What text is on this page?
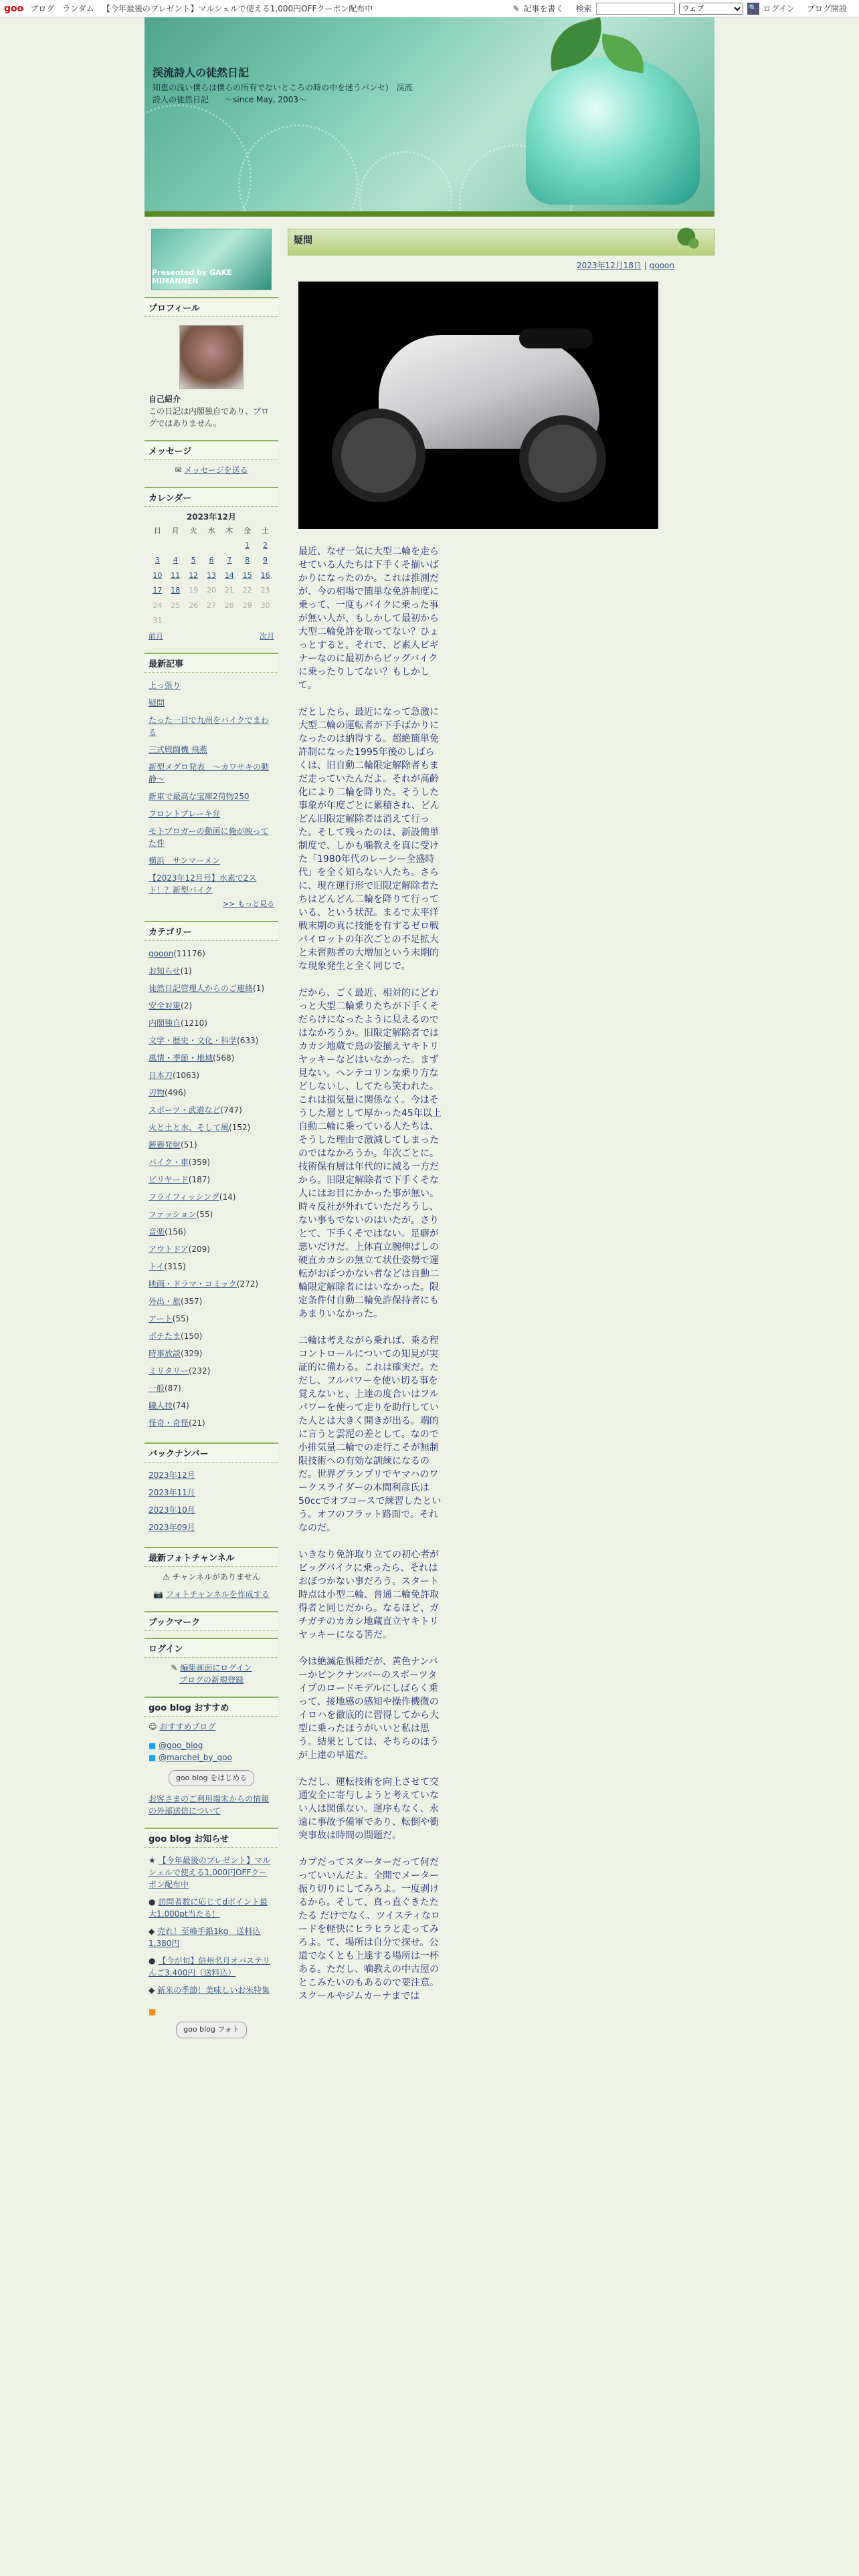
goo ブログ ランダム 【今年最後のプレゼント】マルシェルで使える1,000円OFFクーポン配布中	✎ 記事を書く 検索
ウェブ	🔍 ログイン ブログ開設
渓流詩人の徒然日記
知恵の浅い僕らは僕らの所有でないところの時の中を迷うパンセ)　渓流詩人の徒然日記　　〜since May, 2003〜
Presented by GAKE MIMANNEN
プロフィール
自己紹介
この日記は内閣独自であり、ブログではありません。
メッセージ
✉ メッセージを送る
カレンダー
2023年12月
日	月	火	水	木	金	土
					1	2
3	4	5	6	7	8	9
10	11	12	13	14	15	16
17	18	19	20	21	22	23
24	25	26	27	28	29	30
31						
前月	次月
最新記事
上っ張り
疑問
たった一日で九州をバイクでまわる
三式戦闘機 飛燕
新型メグロ発表　〜カワサキの動静〜
新車で最高な宝庫2荷物250
フロントブレーキ弁
モトブロガーの動画に俺が映ってた件
横浜　サンマーメン
【2023年12月号】水素で2スト！？新型バイク
>> もっと見る
カテゴリー
gooon(11176)
お知らせ(1)
徒然日記管理人からのご連絡(1)
安全対策(2)
内閣独自(1210)
文学・歴史・文化・科学(633)
風情・季節・地域(568)
日本刀(1063)
刃物(496)
スポーツ・武道など(747)
火と土と水、そして風(152)
銃器発射(51)
バイク・車(359)
ビリヤード(187)
フライフィッシング(14)
ファッション(55)
音楽(156)
アウトドア(209)
トイ(315)
映画・ドラマ・コミック(272)
外出・旅(357)
アート(55)
ポチたま(150)
時事放談(329)
ミリタリー(232)
一般(87)
職人技(74)
怪奇・奇怪(21)
バックナンバー
2023年12月
2023年11月
2023年10月
2023年09月
最新フォトチャンネル
⚠ チャンネルがありません
📷 フォトチャンネルを作成する
ブックマーク
ログイン
✎ 編集画面にログイン
ブログの新規登録
goo blog おすすめ
☺ おすすめブログ
■ @goo_blog
■ @marchel_by_goo
goo blog をはじめる
お客さまのご利用端末からの情報の外部送信について
goo blog お知らせ
★ 【今年最後のプレゼント】マルシェルで使える1,000円OFFクーポン配布中
● 訪問者数に応じてdポイント最大1,000pt当たる！
◆ 売れ！至峰手鉛1kg　送料込1,380円
● 【今が旬】信州名月オバステリんご3,400円（送料込）
◆ 新米の季節！美味しいお米特集
■
goo blog フォト
疑問
2023年12月18日 | gooon

最近、なぜ一気に大型二輪を走らせている人たちは下手くそ揃いばかりになったのか。これは推測だが、今の相場で簡単な免許制度に乗って、一度もバイクに乗った事が無い人が、もしかして最初から大型二輪免許を取ってない？ひょっとすると。それで、ど素人ビギナーなのに最初からビッグバイクに乗ったりしてない？もしかして。

だとしたら、最近になって急激に大型二輪の運転者が下手ばかりになったのは納得する。超絶簡単免許制になった1995年後のしばらくは、旧自動二輪限定解除者もまだ走っていたんだよ。それが高齢化により二輪を降りた。そうした事象が年度ごとに累積され、どんどん旧限定解除者は消えて行った。そして残ったのは、新設簡単制度で、しかも噛教えを真に受けた「1980年代のレーシー全盛時代」を全く知らない人たち。さらに、現在運行形で旧限定解除者たちはどんどん二輪を降りて行っている、という状況。まるで太平洋戦末期の真に技能を有するゼロ戦パイロットの年次ごとの不足拡大と未習熟者の大増加という末期的な現象発生と全く同じで。

だから、ごく最近、相対的にどわっと大型二輪乗りたちが下手くそだらけになったように見えるのではなかろうか。旧限定解除者ではカカシ地蔵で鳥の姿揃えヤキトリヤッキーなどはいなかった。まず見ない。ヘンテコリンな乗り方などしないし、してたら笑われた。これは損気量に関係なく。今はそうした層として厚かった45年以上自動二輪に乗っている人たちは、そうした理由で激減してしまったのではなかろうか。年次ごとに。技術保有層は年代的に減る一方だから。旧限定解除者で下手くそな人にはお目にかかった事が無い。時々反社が外れていただろうし、ない事もでないのはいたが。さりとて、下手くそではない。足癖が悪いだけだ。上体直立腕伸ばしの硬直カカシの無立て状仕姿勢で運転がおぼつかない者などは自動二輪限定解除者にはいなかった。限定条件付自動二輪免許保持者にもあまりいなかった。

二輪は考えながら乗れば、乗る程コントロールについての知見が実証的に備わる。これは確実だ。ただし、フルパワーを使い切る事を覚えないと、上達の度合いはフルパワーを使って走りを助行していた人とは大きく開きが出る。端的に言うと雲泥の差として。なので小排気量二輪での走行こそが無制限技術への有効な訓練になるのだ。世界グランプリでヤマハのワークスライダーの本間利彦氏は50ccでオフコースで練習したという。オフのフラット路面で。それなのだ。

いきなり免許取り立ての初心者がビッグバイクに乗ったら、それはおぼつかない事だろう。スタート時点は小型二輪、普通二輪免許取得者と同じだから。なるほど、ガチガチのカカシ地蔵直立ヤキトリヤッキーになる筈だ。

今は絶滅危惧種だが、黄色ナンバーかピンクナンバーのスポーツタイプのロードモデルにしばらく乗って、接地感の感知や操作機微のイロハを徹底的に習得してから大型に乗ったほうがいいと私は思う。結果としては、そちらのほうが上達の早道だ。

ただし、運転技術を向上させて交通安全に寄与しようと考えていない人は関係ない。運序もなく、永遠に事故予備軍であり、転倒や衝突事故は時間の問題だ。

カブだってスターターだって何だっていいんだよ。全開でメーター振り切りにしてみろよ。一度剥けるから。そして、真っ直ぐきたたたる だけでなく、ツイスティなロードを軽快にヒラヒラと走ってみろよ。て、場所は自分で探せ。公道でなくとも上達する場所は一杯ある。ただし、噛教えの中古屋のとこみたいのもあるので要注意。スクールやジムカーナまでは
